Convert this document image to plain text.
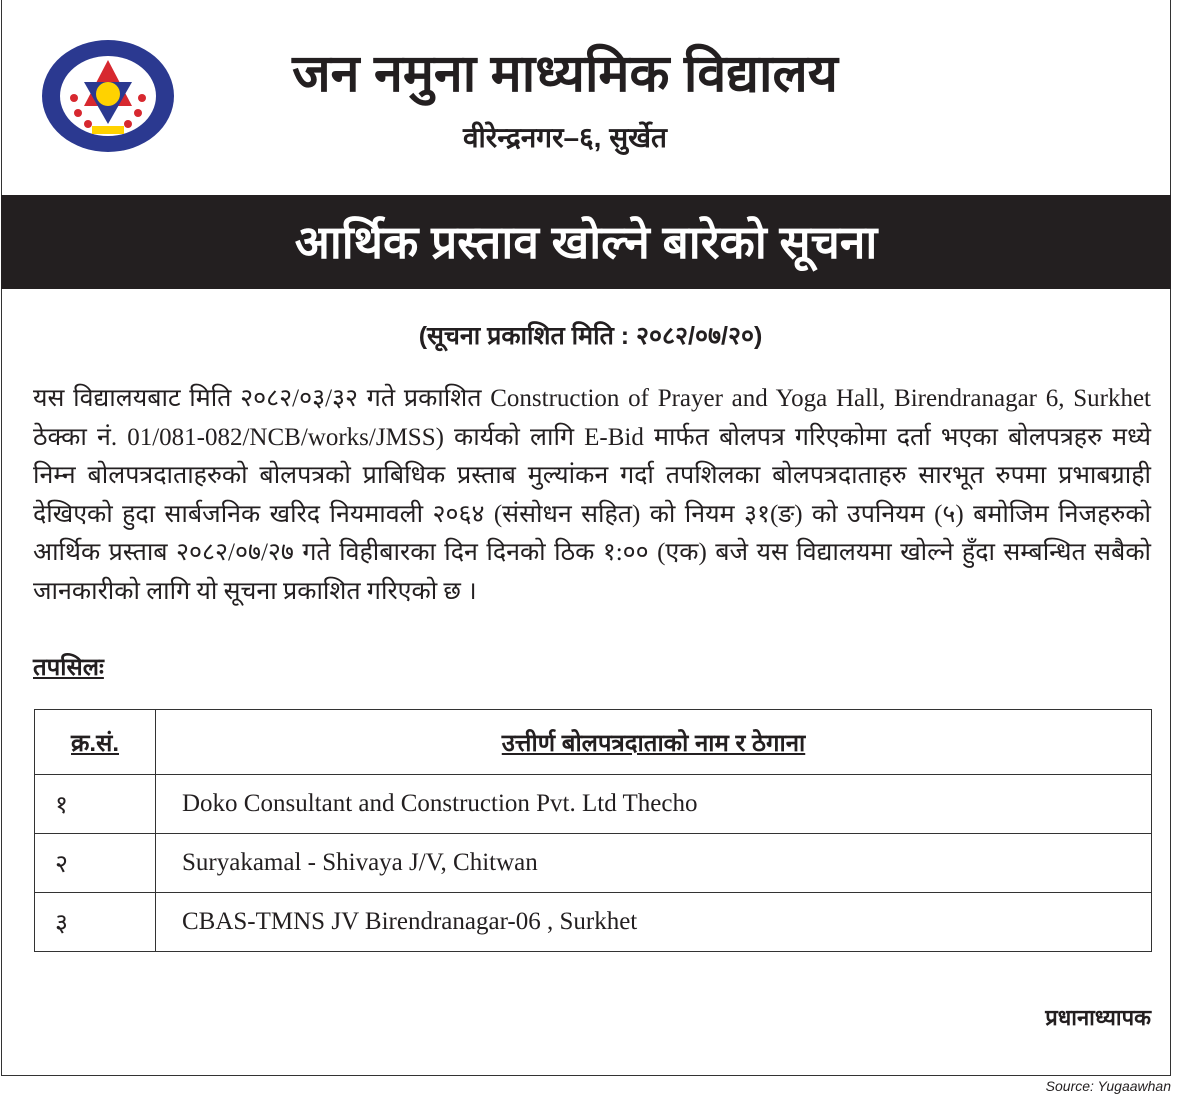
जन नमुना माध्यमिक विद्यालय
वीरेन्द्रनगर–६, सुर्खेत
आर्थिक प्रस्ताव खोल्ने बारेको सूचना
(सूचना प्रकाशित मिति : २०८२/०७/२०)
यस विद्यालयबाट मिति २०८२/०३/३२ गते प्रकाशित Construction of Prayer and Yoga Hall, Birendranagar 6, Surkhet ठेक्का नं. 01/081-082/NCB/works/JMSS) कार्यको लागि E-Bid मार्फत बोलपत्र गरिएकोमा दर्ता भएका बोलपत्रहरु मध्ये निम्न बोलपत्रदाताहरुको बोलपत्रको प्राबिधिक प्रस्ताब मुल्यांकन गर्दा तपशिलका बोलपत्रदाताहरु सारभूत रुपमा प्रभाबग्राही देखिएको हुदा सार्बजनिक खरिद नियमावली २०६४ (संसोधन सहित) को नियम ३१(ङ) को उपनियम (५) बमोजिम निजहरुको आर्थिक प्रस्ताब २०८२/०७/२७ गते विहीबारका दिन दिनको ठिक १:०० (एक) बजे यस विद्यालयमा खोल्ने हुँदा सम्बन्धित सबैको जानकारीको लागि यो सूचना प्रकाशित गरिएको छ ।
तपसिलः
क्र.सं.	उत्तीर्ण बोलपत्रदाताको नाम र ठेगाना
१	Doko Consultant and Construction Pvt. Ltd Thecho
२	Suryakamal - Shivaya J/V, Chitwan
३	CBAS-TMNS JV Birendranagar-06 , Surkhet
प्रधानाध्यापक
Source: Yugaawhan
